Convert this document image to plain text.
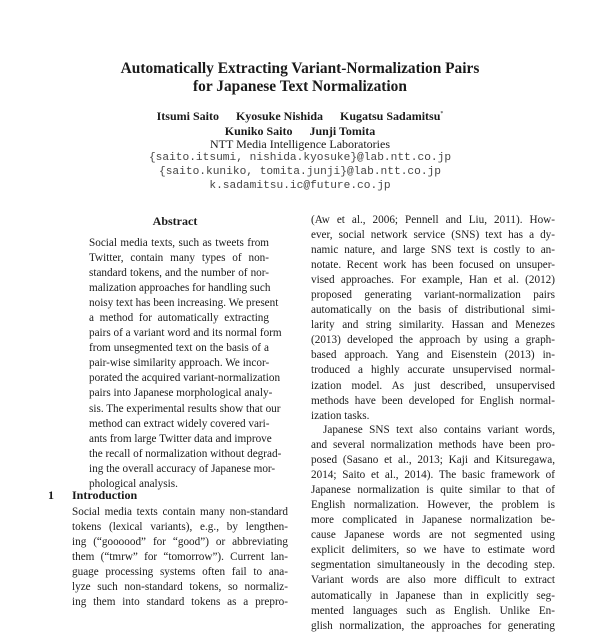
Automatically Extracting Variant-Normalization Pairs
for Japanese Text Normalization
Itsumi Saito Kyosuke Nishida Kugatsu Sadamitsu*
Kuniko Saito Junji Tomita
NTT Media Intelligence Laboratories
{saito.itsumi, nishida.kyosuke}@lab.ntt.co.jp
{saito.kuniko, tomita.junji}@lab.ntt.co.jp
k.sadamitsu.ic@future.co.jp
Abstract
Social media texts, such as tweets from
Twitter, contain many types of non-
standard tokens, and the number of nor-
malization approaches for handling such
noisy text has been increasing. We present
a method for automatically extracting
pairs of a variant word and its normal form
from unsegmented text on the basis of a
pair-wise similarity approach. We incor-
porated the acquired variant-normalization
pairs into Japanese morphological analy-
sis. The experimental results show that our
method can extract widely covered vari-
ants from large Twitter data and improve
the recall of normalization without degrad-
ing the overall accuracy of Japanese mor-
phological analysis.
1 Introduction
Social media texts contain many non-standard
tokens (lexical variants), e.g., by lengthen-
ing (“goooood” for “good”) or abbreviating
them (“tmrw” for “tomorrow”). Current lan-
guage processing systems often fail to ana-
lyze such non-standard tokens, so normaliz-
ing them into standard tokens as a prepro-
(Aw et al., 2006; Pennell and Liu, 2011). How-
ever, social network service (SNS) text has a dy-
namic nature, and large SNS text is costly to an-
notate. Recent work has been focused on unsuper-
vised approaches. For example, Han et al. (2012)
proposed generating variant-normalization pairs
automatically on the basis of distributional simi-
larity and string similarity. Hassan and Menezes
(2013) developed the approach by using a graph-
based approach. Yang and Eisenstein (2013) in-
troduced a highly accurate unsupervised normal-
ization model. As just described, unsupervised
methods have been developed for English normal-
ization tasks.
Japanese SNS text also contains variant words,
and several normalization methods have been pro-
posed (Sasano et al., 2013; Kaji and Kitsuregawa,
2014; Saito et al., 2014). The basic framework of
Japanese normalization is quite similar to that of
English normalization. However, the problem is
more complicated in Japanese normalization be-
cause Japanese words are not segmented using
explicit delimiters, so we have to estimate word
segmentation simultaneously in the decoding step.
Variant words are also more difficult to extract
automatically in Japanese than in explicitly seg-
mented languages such as English. Unlike En-
glish normalization, the approaches for generating
